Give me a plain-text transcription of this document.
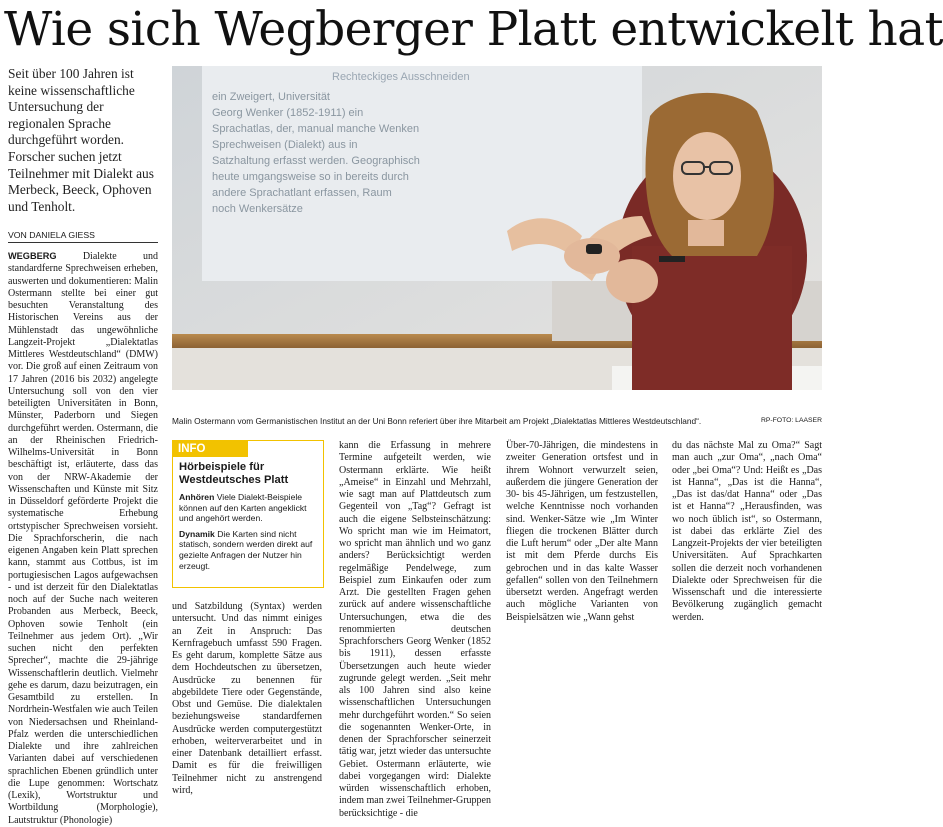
Wie sich Wegberger Platt entwickelt hat
Seit über 100 Jahren ist keine wissenschaftliche Untersuchung der regionalen Sprache durchgeführt worden. Forscher suchen jetzt Teilnehmer mit Dialekt aus Merbeck, Beeck, Ophoven und Tenholt.
VON DANIELA GIESS
WEGBERG Dialekte und standardferne Sprechweisen erheben, auswerten und dokumentieren: Malin Ostermann stellte bei einer gut besuchten Veranstaltung des Historischen Vereins aus der Mühlenstadt das ungewöhnliche Langzeit-Projekt „Dialektatlas Mittleres Westdeutschland“ (DMW) vor. Die groß auf einen Zeitraum von 17 Jahren (2016 bis 2032) angelegte Untersuchung soll von den vier beteiligten Universitäten in Bonn, Münster, Paderborn und Siegen durchgeführt werden. Ostermann, die an der Rheinischen Friedrich-Wilhelms-Universität in Bonn beschäftigt ist, erläuterte, dass das von der NRW-Akademie der Wissenschaften und Künste mit Sitz in Düsseldorf geförderte Projekt die systematische Erhebung ortstypischer Sprechweisen vorsieht. Die Sprachforscherin, die nach eigenen Angaben kein Platt sprechen kann, stammt aus Cottbus, ist im portugiesischen Lagos aufgewachsen - und ist derzeit für den Dialektatlas noch auf der Suche nach weiteren Probanden aus Merbeck, Beeck, Ophoven sowie Tenholt (ein Teilnehmer aus jedem Ort). „Wir suchen nicht den perfekten Sprecher“, machte die 29-jährige Wissenschaftlerin deutlich. Vielmehr gehe es darum, dazu beizutragen, ein Gesamtbild zu erstellen. In Nordrhein-Westfalen wie auch Teilen von Niedersachsen und Rheinland-Pfalz werden die unterschiedlichen Dialekte und ihre zahlreichen Varianten dabei auf verschiedenen sprachlichen Ebenen gründlich unter die Lupe genommen: Wortschatz (Lexik), Wortstruktur und Wortbildung (Morphologie), Lautstruktur (Phonologie)
Rechteckiges Ausschneiden
ein Zweigert, Universität
Georg Wenker (1852-1911) ein
Sprachatlas, der, manual manche Wenken
Sprechweisen (Dialekt) aus in
Satzhaltung erfasst werden. Geographisch
heute umgangsweise so in bereits durch
andere Sprachatlant erfassen, Raum
noch Wenkersätze
Malin Ostermann vom Germanistischen Institut an der Uni Bonn referiert über ihre Mitarbeit am Projekt „Dialektatlas Mittleres Westdeutschland“.	RP-FOTO: LAASER
INFO
Hörbeispiele für Westdeutsches Platt
Anhören Viele Dialekt-Beispiele können auf den Karten angeklickt und angehört werden.
Dynamik Die Karten sind nicht statisch, sondern werden direkt auf gezielte Anfragen der Nutzer hin erzeugt.
und Satzbildung (Syntax) werden untersucht. Und das nimmt einiges an Zeit in Anspruch: Das Kernfragebuch umfasst 590 Fragen. Es geht darum, komplette Sätze aus dem Hochdeutschen zu übersetzen, Ausdrücke zu benennen für abgebildete Tiere oder Gegenstände, Obst und Gemüse. Die dialektalen beziehungsweise standardfernen Ausdrücke werden computergestützt erhoben, weiterverarbeitet und in einer Datenbank detailliert erfasst. Damit es für die freiwilligen Teilnehmer nicht zu anstrengend wird,
kann die Erfassung in mehrere Termine aufgeteilt werden, wie Ostermann erklärte. Wie heißt „Ameise“ in Einzahl und Mehrzahl, wie sagt man auf Plattdeutsch zum Gegenteil von „Tag“? Gefragt ist auch die eigene Selbsteinschätzung: Wo spricht man wie im Heimatort, wo spricht man ähnlich und wo ganz anders? Berücksichtigt werden regelmäßige Pendelwege, zum Beispiel zum Einkaufen oder zum Arzt. Die gestellten Fragen gehen zurück auf andere wissenschaftliche Untersuchungen, etwa die des renommierten deutschen Sprachforschers Georg Wenker (1852 bis 1911), dessen erfasste Übersetzungen auch heute wieder zugrunde gelegt werden. „Seit mehr als 100 Jahren sind also keine wissenschaftlichen Untersuchungen mehr durchgeführt worden.“ So seien die sogenannten Wenker-Orte, in denen der Sprachforscher seinerzeit tätig war, jetzt wieder das untersuchte Gebiet. Ostermann erläuterte, wie dabei vorgegangen wird: Dialekte würden wissenschaftlich erhoben, indem man zwei Teilnehmer-Gruppen berücksichtige - die
Über-70-Jährigen, die mindestens in zweiter Generation ortsfest und in ihrem Wohnort verwurzelt seien, außerdem die jüngere Generation der 30- bis 45-Jährigen, um festzustellen, welche Kenntnisse noch vorhanden sind. Wenker-Sätze wie „Im Winter fliegen die trockenen Blätter durch die Luft herum“ oder „Der alte Mann ist mit dem Pferde durchs Eis gebrochen und in das kalte Wasser gefallen“ sollen von den Teilnehmern übersetzt werden. Angefragt werden auch mögliche Varianten von Beispielsätzen wie „Wann gehst
du das nächste Mal zu Oma?“ Sagt man auch „zur Oma“, „nach Oma“ oder „bei Oma“? Und: Heißt es „Das ist Hanna“, „Das ist die Hanna“, „Das ist das/dat Hanna“ oder „Das ist et Hanna“? „Herausfinden, was wo noch üblich ist“, so Ostermann, ist dabei das erklärte Ziel des Langzeit-Projekts der vier beteiligten Universitäten. Auf Sprachkarten sollen die derzeit noch vorhandenen Dialekte oder Sprechweisen für die Wissenschaft und die interessierte Bevölkerung zugänglich gemacht werden.
